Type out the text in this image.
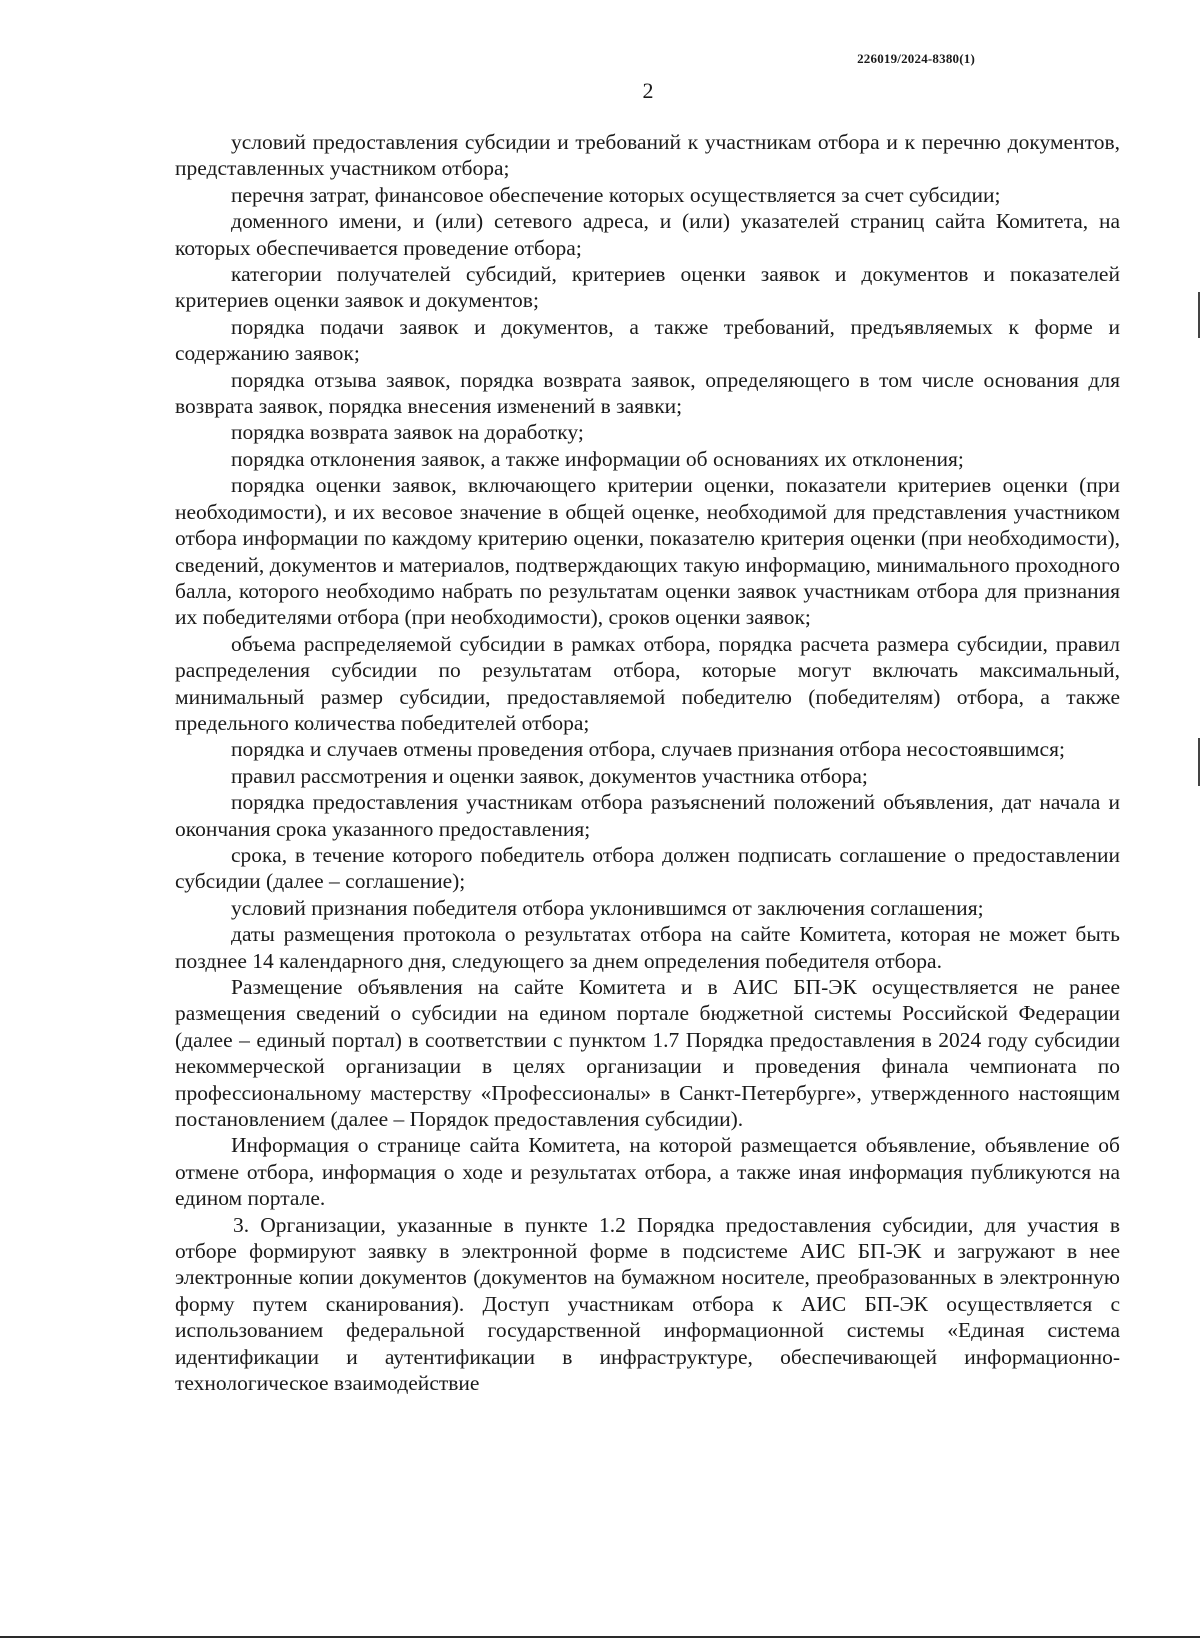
226019/2024-8380(1)
2

условий предоставления субсидии и требований к участникам отбора и к перечню документов, представленных участником отбора;

перечня затрат, финансовое обеспечение которых осуществляется за счет субсидии;

доменного имени, и (или) сетевого адреса, и (или) указателей страниц сайта Комитета, на которых обеспечивается проведение отбора;

категории получателей субсидий, критериев оценки заявок и документов и показателей критериев оценки заявок и документов;

порядка подачи заявок и документов, а также требований, предъявляемых к форме и содержанию заявок;

порядка отзыва заявок, порядка возврата заявок, определяющего в том числе основания для возврата заявок, порядка внесения изменений в заявки;

порядка возврата заявок на доработку;

порядка отклонения заявок, а также информации об основаниях их отклонения;

порядка оценки заявок, включающего критерии оценки, показатели критериев оценки (при необходимости), и их весовое значение в общей оценке, необходимой для представления участником отбора информации по каждому критерию оценки, показателю критерия оценки (при необходимости), сведений, документов и материалов, подтверждающих такую информацию, минимального проходного балла, которого необходимо набрать по результатам оценки заявок участникам отбора для признания их победителями отбора (при необходимости), сроков оценки заявок;

объема распределяемой субсидии в рамках отбора, порядка расчета размера субсидии, правил распределения субсидии по результатам отбора, которые могут включать максимальный, минимальный размер субсидии, предоставляемой победителю (победителям) отбора, а также предельного количества победителей отбора;

порядка и случаев отмены проведения отбора, случаев признания отбора несостоявшимся;

правил рассмотрения и оценки заявок, документов участника отбора;

порядка предоставления участникам отбора разъяснений положений объявления, дат начала и окончания срока указанного предоставления;

срока, в течение которого победитель отбора должен подписать соглашение о предоставлении субсидии (далее – соглашение);

условий признания победителя отбора уклонившимся от заключения соглашения;

даты размещения протокола о результатах отбора на сайте Комитета, которая не может быть позднее 14 календарного дня, следующего за днем определения победителя отбора.

Размещение объявления на сайте Комитета и в АИС БП-ЭК осуществляется не ранее размещения сведений о субсидии на едином портале бюджетной системы Российской Федерации (далее – единый портал) в соответствии с пунктом 1.7 Порядка предоставления в 2024 году субсидии некоммерческой организации в целях организации и проведения финала чемпионата по профессиональному мастерству «Профессионалы» в Санкт-Петербурге», утвержденного настоящим постановлением (далее – Порядок предоставления субсидии).

Информация о странице сайта Комитета, на которой размещается объявление, объявление об отмене отбора, информация о ходе и результатах отбора, а также иная информация публикуются на едином портале.

3. Организации, указанные в пункте 1.2 Порядка предоставления субсидии, для участия в отборе формируют заявку в электронной форме в подсистеме АИС БП-ЭК и загружают в нее электронные копии документов (документов на бумажном носителе, преобразованных в электронную форму путем сканирования). Доступ участникам отбора к АИС БП-ЭК осуществляется с использованием федеральной государственной информационной системы «Единая система идентификации и аутентификации в инфраструктуре, обеспечивающей информационно-технологическое взаимодействие
